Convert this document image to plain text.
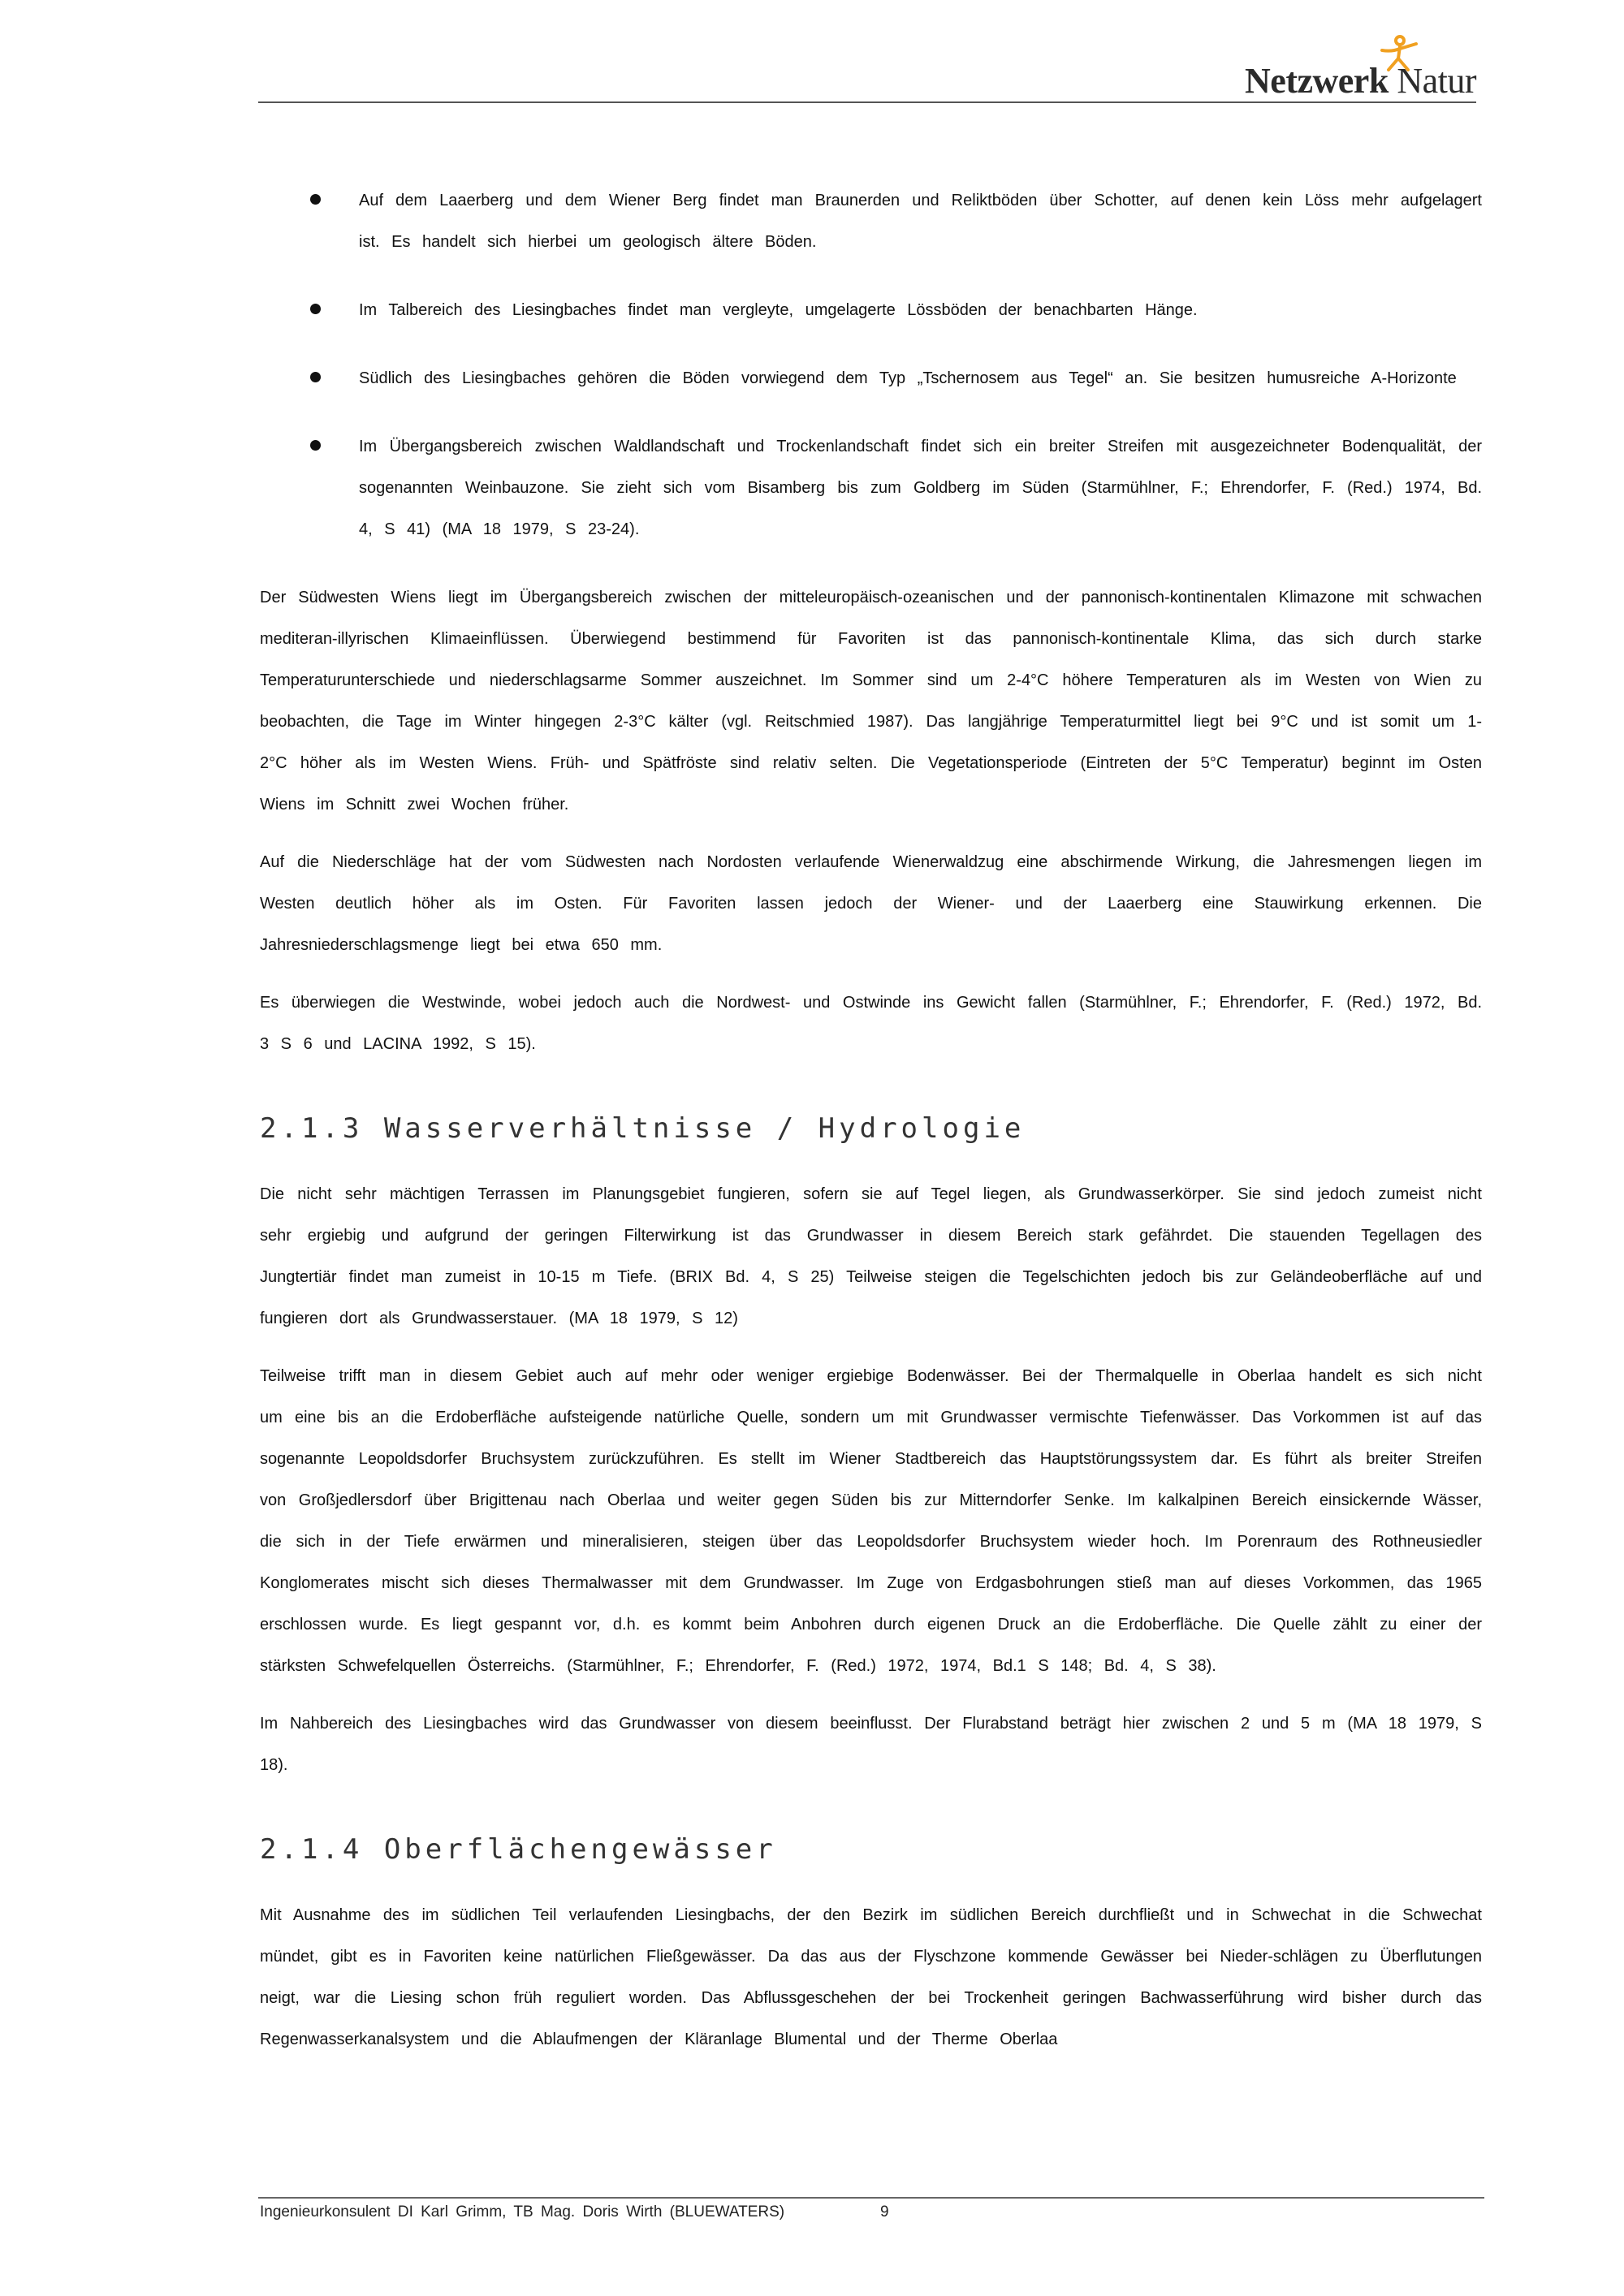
Netzwerk Natur

Auf dem Laaerberg und dem Wiener Berg findet man Braunerden und Reliktböden über Schotter, auf denen kein Löss mehr aufgelagert ist. Es handelt sich hierbei um geologisch ältere Böden.

Im Talbereich des Liesingbaches findet man vergleyte, umgelagerte Lössböden der benachbarten Hänge.

Südlich des Liesingbaches gehören die Böden vorwiegend dem Typ „Tschernosem aus Tegel“ an. Sie besitzen humusreiche A-Horizonte

Im Übergangsbereich zwischen Waldlandschaft und Trockenlandschaft findet sich ein breiter Streifen mit ausgezeichneter Bodenqualität, der sogenannten Weinbauzone. Sie zieht sich vom Bisamberg bis zum Goldberg im Süden (Starmühlner, F.; Ehrendorfer, F. (Red.) 1974, Bd. 4, S 41) (MA 18 1979, S 23-24).

Der Südwesten Wiens liegt im Übergangsbereich zwischen der mitteleuropäisch-ozeanischen und der pannonisch-kontinentalen Klimazone mit schwachen mediteran-illyrischen Klimaeinflüssen. Überwiegend bestimmend für Favoriten ist das pannonisch-kontinentale Klima, das sich durch starke Temperaturunterschiede und niederschlagsarme Sommer auszeichnet. Im Sommer sind um 2-4°C höhere Temperaturen als im Westen von Wien zu beobachten, die Tage im Winter hingegen 2-3°C kälter (vgl. Reitschmied 1987). Das langjährige Temperaturmittel liegt bei 9°C und ist somit um 1-2°C höher als im Westen Wiens. Früh- und Spätfröste sind relativ selten. Die Vegetationsperiode (Eintreten der 5°C Temperatur) beginnt im Osten Wiens im Schnitt zwei Wochen früher.

Auf die Niederschläge hat der vom Südwesten nach Nordosten verlaufende Wienerwaldzug eine abschirmende Wirkung, die Jahresmengen liegen im Westen deutlich höher als im Osten. Für Favoriten lassen jedoch der Wiener- und der Laaerberg eine Stauwirkung erkennen. Die Jahresniederschlagsmenge liegt bei etwa 650 mm.

Es überwiegen die Westwinde, wobei jedoch auch die Nordwest- und Ostwinde ins Gewicht fallen (Starmühlner, F.; Ehrendorfer, F. (Red.) 1972, Bd. 3 S 6 und LACINA 1992, S 15).

2.1.3 Wasserverhältnisse / Hydrologie

Die nicht sehr mächtigen Terrassen im Planungsgebiet fungieren, sofern sie auf Tegel liegen, als Grundwasserkörper. Sie sind jedoch zumeist nicht sehr ergiebig und aufgrund der geringen Filterwirkung ist das Grundwasser in diesem Bereich stark gefährdet. Die stauenden Tegellagen des Jungtertiär findet man zumeist in 10-15 m Tiefe. (BRIX Bd. 4, S 25) Teilweise steigen die Tegelschichten jedoch bis zur Geländeoberfläche auf und fungieren dort als Grundwasserstauer. (MA 18 1979, S 12)

Teilweise trifft man in diesem Gebiet auch auf mehr oder weniger ergiebige Bodenwässer. Bei der Thermalquelle in Oberlaa handelt es sich nicht um eine bis an die Erdoberfläche aufsteigende natürliche Quelle, sondern um mit Grundwasser vermischte Tiefenwässer. Das Vorkommen ist auf das sogenannte Leopoldsdorfer Bruchsystem zurückzuführen. Es stellt im Wiener Stadtbereich das Hauptstörungssystem dar. Es führt als breiter Streifen von Großjedlersdorf über Brigittenau nach Oberlaa und weiter gegen Süden bis zur Mitterndorfer Senke. Im kalkalpinen Bereich einsickernde Wässer, die sich in der Tiefe erwärmen und mineralisieren, steigen über das Leopoldsdorfer Bruchsystem wieder hoch. Im Porenraum des Rothneusiedler Konglomerates mischt sich dieses Thermalwasser mit dem Grundwasser. Im Zuge von Erdgasbohrungen stieß man auf dieses Vorkommen, das 1965 erschlossen wurde. Es liegt gespannt vor, d.h. es kommt beim Anbohren durch eigenen Druck an die Erdoberfläche. Die Quelle zählt zu einer der stärksten Schwefelquellen Österreichs. (Starmühlner, F.; Ehrendorfer, F. (Red.) 1972, 1974, Bd.1 S 148; Bd. 4, S 38).

Im Nahbereich des Liesingbaches wird das Grundwasser von diesem beeinflusst. Der Flurabstand beträgt hier zwischen 2 und 5 m (MA 18 1979, S 18).

2.1.4 Oberflächengewässer

Mit Ausnahme des im südlichen Teil verlaufenden Liesingbachs, der den Bezirk im südlichen Bereich durchfließt und in Schwechat in die Schwechat mündet, gibt es in Favoriten keine natürlichen Fließgewässer. Da das aus der Flyschzone kommende Gewässer bei Nieder-schlägen zu Überflutungen neigt, war die Liesing schon früh reguliert worden. Das Abflussgeschehen der bei Trockenheit geringen Bachwasserführung wird bisher durch das Regenwasserkanalsystem und die Ablaufmengen der Kläranlage Blumental und der Therme Oberlaa

Ingenieurkonsulent DI Karl Grimm, TB Mag. Doris Wirth (BLUEWATERS)	9
